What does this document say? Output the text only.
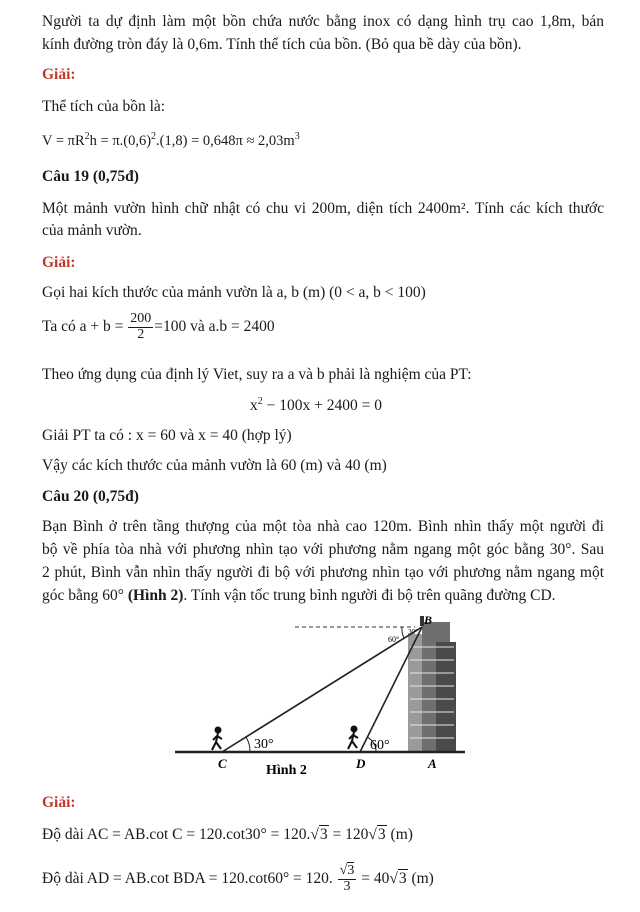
Người ta dự định làm một bồn chứa nước bằng inox có dạng hình trụ cao 1,8m, bán
kính đường tròn đáy là 0,6m. Tính thể tích của bồn. (Bỏ qua bề dày của bồn).
Giải:
Thể tích của bồn là:
$V = \pi R^2h = \pi.(0,6)^2.(1,8) = 0,648\pi \approx 2,03m^3$
Câu 19 (0,75đ)
Một mảnh vườn hình chữ nhật có chu vi 200m, diện tích 2400m². Tính các kích thước
của mảnh vườn.
Giải:
Gọi hai kích thước của mảnh vườn là a, b (m) (0 < a, b < 100)
Ta có $a + b = \frac{200}{2} =100$ và a.b = 2400
Theo ứng dụng của định lý Viet, suy ra a và b phải là nghiệm của PT:
$x^2 - 100x + 2400 = 0$
Giải PT ta có : x = 60 và x = 40 (hợp lý)
Vậy các kích thước của mảnh vườn là 60 (m) và 40 (m)
Câu 20 (0,75đ)
Bạn Bình ở trên tầng thượng của một tòa nhà cao 120m. Bình nhìn thấy một người đi
bộ về phía tòa nhà với phương nhìn tạo với phương nằm ngang một góc bằng 30°. Sau
2 phút, Bình vẫn nhìn thấy người đi bộ với phương nhìn tạo với phương nằm ngang một
góc bằng 60° (Hình 2). Tính vận tốc trung bình người đi bộ trên quãng đường CD.
30°	60°
60°
30°
B
C	D	A
Hình 2
Giải:
Độ dài AC = AB.cot C = 120.cot30° = 120.√3 = 120√3 (m)
Độ dài AD = AB.cot BDA = 120.cot60° = 120. $\frac{√3}{3} = 40√3$ (m)
